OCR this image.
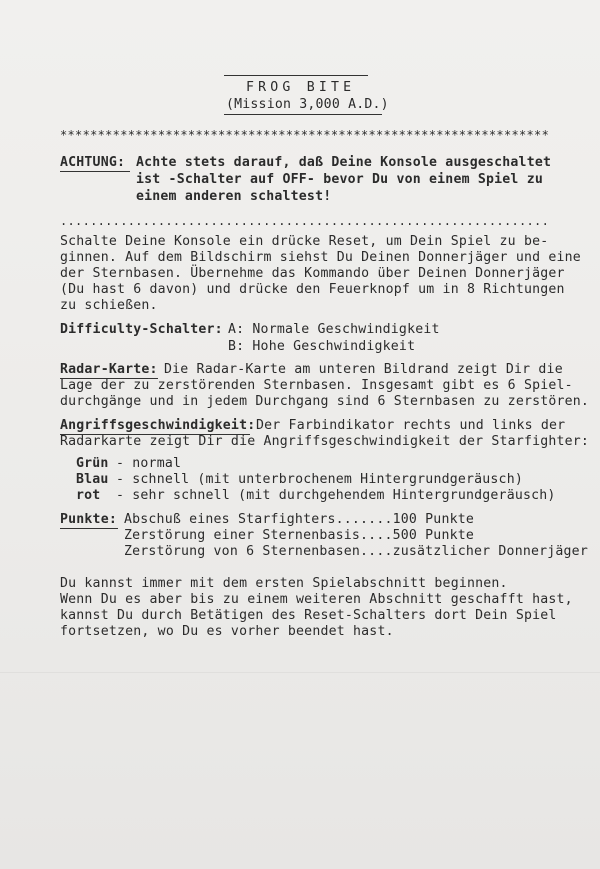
FROG BITE
(Mission 3,000 A.D.)
*****************************************************************
ACHTUNG: Achte stets darauf, daß Deine Konsole ausgeschaltet
ist -Schalter auf OFF- bevor Du von einem Spiel zu
einem anderen schaltest!
.................................................................
Schalte Deine Konsole ein drücke Reset, um Dein Spiel zu be-
ginnen. Auf dem Bildschirm siehst Du Deinen Donnerjäger und eine
der Sternbasen. Übernehme das Kommando über Deinen Donnerjäger
(Du hast 6 davon) und drücke den Feuerknopf um in 8 Richtungen
zu schießen.
Difficulty-Schalter: A: Normale Geschwindigkeit
B: Hohe Geschwindigkeit
Radar-Karte: Die Radar-Karte am unteren Bildrand zeigt Dir die
Lage der zu zerstörenden Sternbasen. Insgesamt gibt es 6 Spiel-
durchgänge und in jedem Durchgang sind 6 Sternbasen zu zerstören.
Angriffsgeschwindigkeit: Der Farbindikator rechts und links der
Radarkarte zeigt Dir die Angriffsgeschwindigkeit der Starfighter:
Grün - normal
Blau - schnell (mit unterbrochenem Hintergrundgeräusch)
rot - sehr schnell (mit durchgehendem Hintergrundgeräusch)
Punkte: Abschuß eines Starfighters.......100 Punkte
Zerstörung einer Sternenbasis....500 Punkte
Zerstörung von 6 Sternenbasen....zusätzlicher Donnerjäger
Du kannst immer mit dem ersten Spielabschnitt beginnen.
Wenn Du es aber bis zu einem weiteren Abschnitt geschafft hast,
kannst Du durch Betätigen des Reset-Schalters dort Dein Spiel
fortsetzen, wo Du es vorher beendet hast.
